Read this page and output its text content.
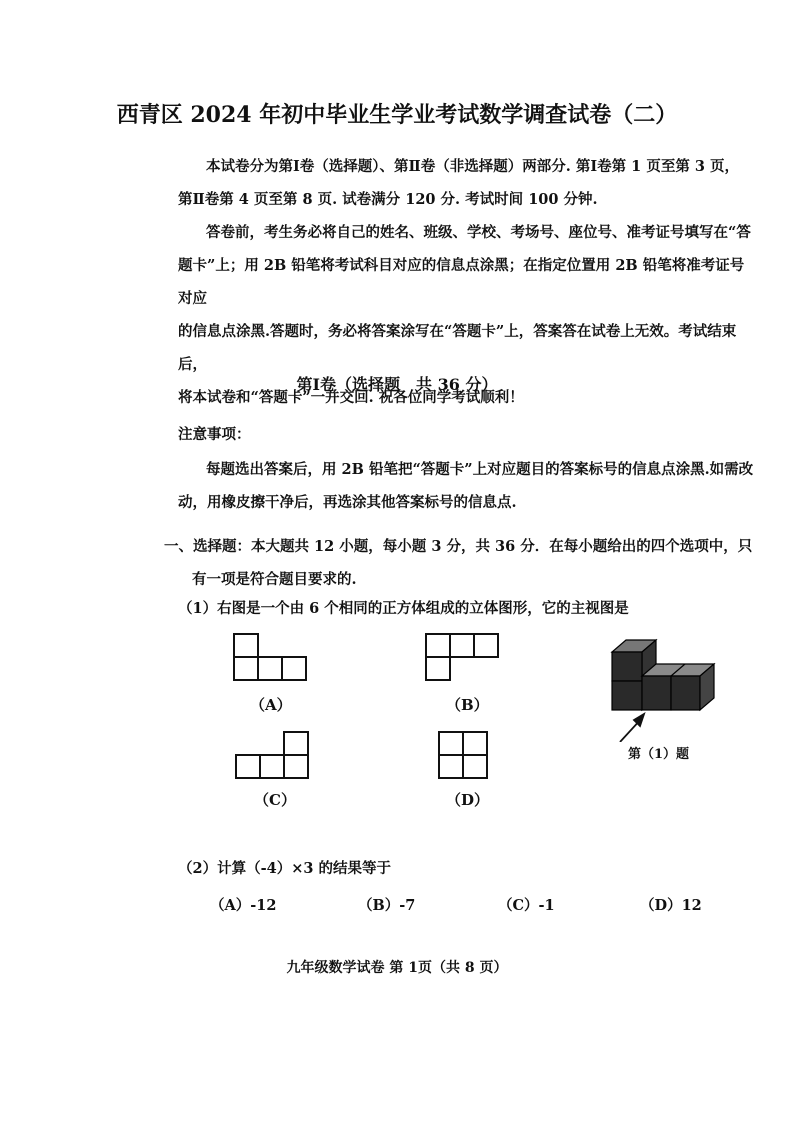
西青区 2024 年初中毕业生学业考试数学调查试卷（二）
本试卷分为第Ⅰ卷（选择题）、第Ⅱ卷（非选择题）两部分. 第Ⅰ卷第 1 页至第 3 页，
第Ⅱ卷第 4 页至第 8 页. 试卷满分 120 分. 考试时间 100 分钟.
答卷前，考生务必将自己的姓名、班级、学校、考场号、座位号、准考证号填写在“答
题卡”上；用 2B 铅笔将考试科目对应的信息点涂黑；在指定位置用 2B 铅笔将准考证号对应
的信息点涂黑.答题时，务必将答案涂写在“答题卡”上，答案答在试卷上无效。考试结束后，
将本试卷和“答题卡”一并交回. 祝各位同学考试顺利！
第Ⅰ卷（选择题　共 36 分）
注意事项：
每题选出答案后，用 2B 铅笔把“答题卡”上对应题目的答案标号的信息点涂黑.如需改
动，用橡皮擦干净后，再选涂其他答案标号的信息点.
一、选择题：本大题共 12 小题，每小题 3 分，共 36 分．在每小题给出的四个选项中，只
有一项是符合题目要求的.
（1）右图是一个由 6 个相同的正方体组成的立体图形，它的主视图是
（A）	（B）
（C）	（D）
第（1）题
（2）计算（-4）×3 的结果等于
（A）-12	（B）-7	（C）-1	（D）12
九年级数学试卷 第 1页（共 8 页）
